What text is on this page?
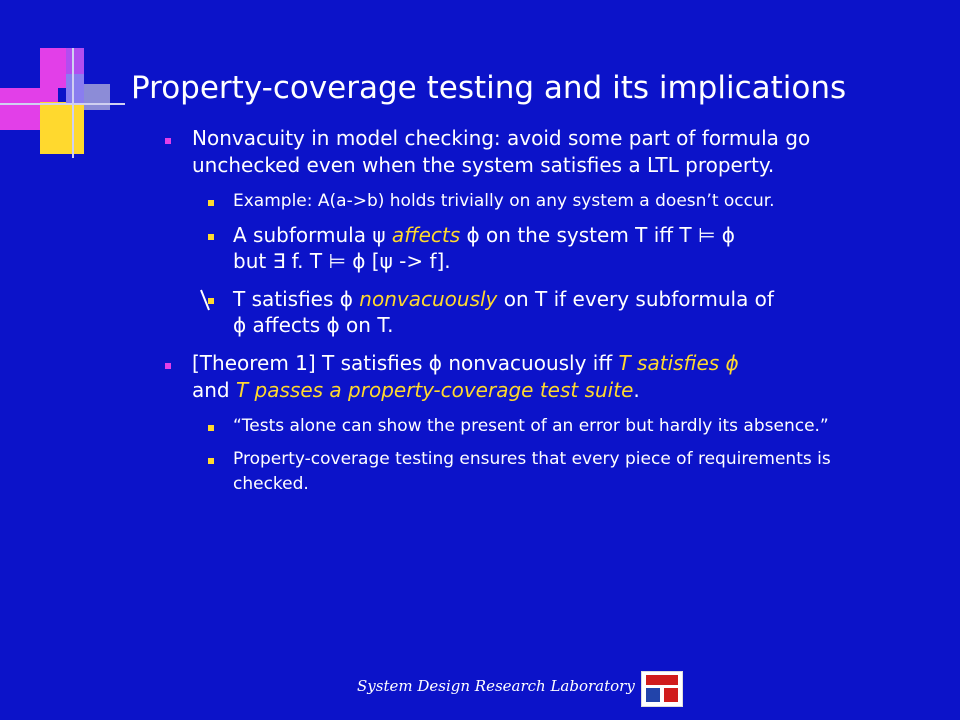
Property-coverage testing and its implications
Nonvacuity in model checking: avoid some part of formula go unchecked even when the system satisfies a LTL property.
Example: A(a->b) holds trivially on any system a doesn’t occur.
A subformula ψ affects ϕ on the system T iff T ⊨ ϕ
but ∃ f. T ⊨ ϕ [ψ -> f].
T satisfies ϕ nonvacuously on T if every subformula of
ϕ affects ϕ on T.
[Theorem 1] T satisfies ϕ nonvacuously iff T satisfies ϕ
and T passes a property-coverage test suite.
“Tests alone can show the present of an error but hardly its absence.”
Property-coverage testing ensures that every piece of requirements is checked.
System Design Research Laboratory
